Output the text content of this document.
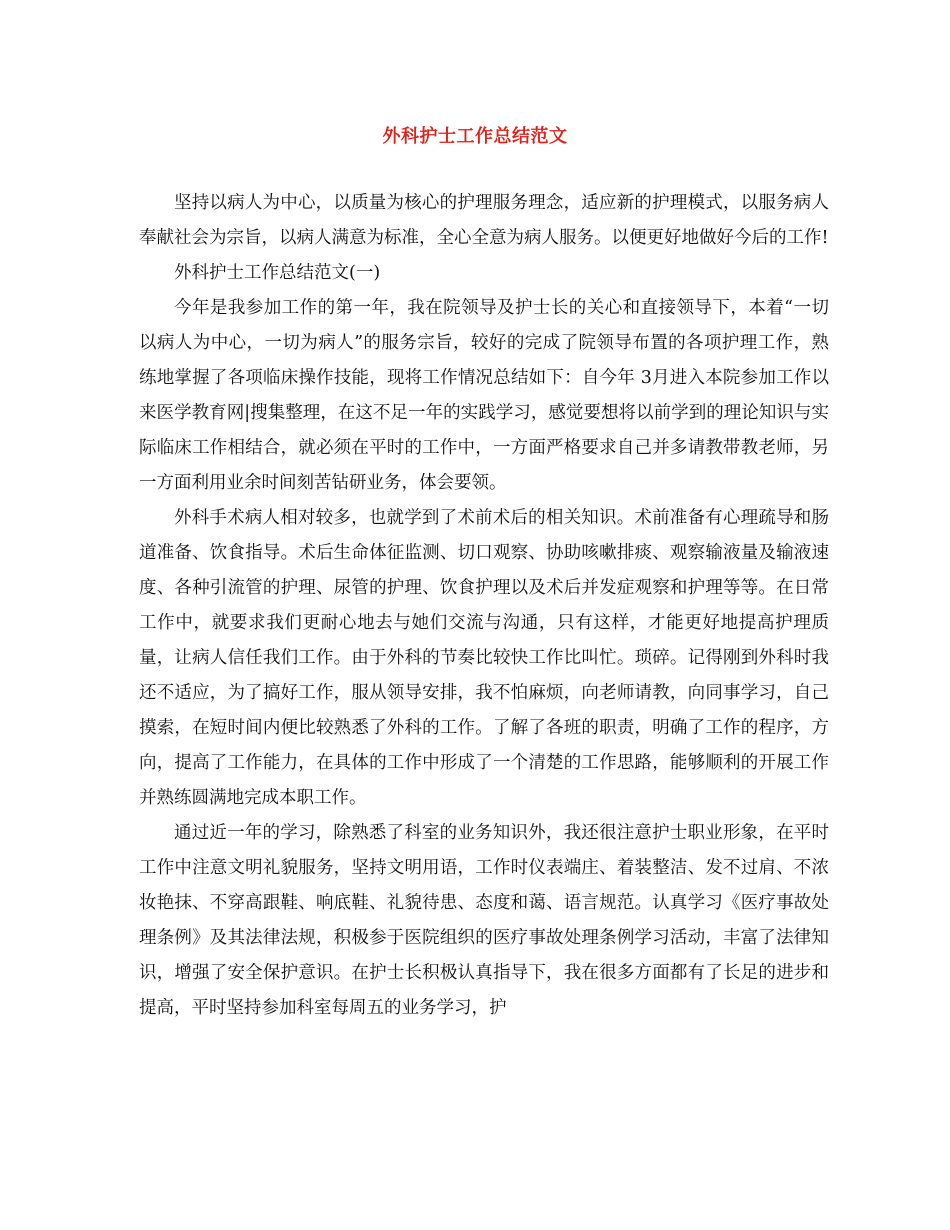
外科护士工作总结范文

坚持以病人为中心，以质量为核心的护理服务理念，适应新的护理模式，以服务病人奉献社会为宗旨，以病人满意为标准，全心全意为病人服务。以便更好地做好今后的工作!

外科护士工作总结范文(一)

今年是我参加工作的第一年，我在院领导及护士长的关心和直接领导下，本着“一切以病人为中心，一切为病人”的服务宗旨，较好的完成了院领导布置的各项护理工作，熟练地掌握了各项临床操作技能，现将工作情况总结如下：自今年 3月进入本院参加工作以来医学教育网|搜集整理，在这不足一年的实践学习，感觉要想将以前学到的理论知识与实际临床工作相结合，就必须在平时的工作中，一方面严格要求自己并多请教带教老师，另一方面利用业余时间刻苦钻研业务，体会要领。

外科手术病人相对较多，也就学到了术前术后的相关知识。术前准备有心理疏导和肠道准备、饮食指导。术后生命体征监测、切口观察、协助咳嗽排痰、观察输液量及输液速度、各种引流管的护理、尿管的护理、饮食护理以及术后并发症观察和护理等等。在日常工作中，就要求我们更耐心地去与她们交流与沟通，只有这样，才能更好地提高护理质量，让病人信任我们工作。由于外科的节奏比较快工作比叫忙。琐碎。记得刚到外科时我还不适应，为了搞好工作，服从领导安排，我不怕麻烦，向老师请教，向同事学习，自己摸索，在短时间内便比较熟悉了外科的工作。了解了各班的职责，明确了工作的程序，方向，提高了工作能力，在具体的工作中形成了一个清楚的工作思路，能够顺利的开展工作并熟练圆满地完成本职工作。

通过近一年的学习，除熟悉了科室的业务知识外，我还很注意护士职业形象，在平时工作中注意文明礼貌服务，坚持文明用语，工作时仪表端庄、着装整洁、发不过肩、不浓妆艳抹、不穿高跟鞋、响底鞋、礼貌待患、态度和蔼、语言规范。认真学习《医疗事故处理条例》及其法律法规，积极参于医院组织的医疗事故处理条例学习活动，丰富了法律知识，增强了安全保护意识。在护士长积极认真指导下，我在很多方面都有了长足的进步和提高，平时坚持参加科室每周五的业务学习，护
